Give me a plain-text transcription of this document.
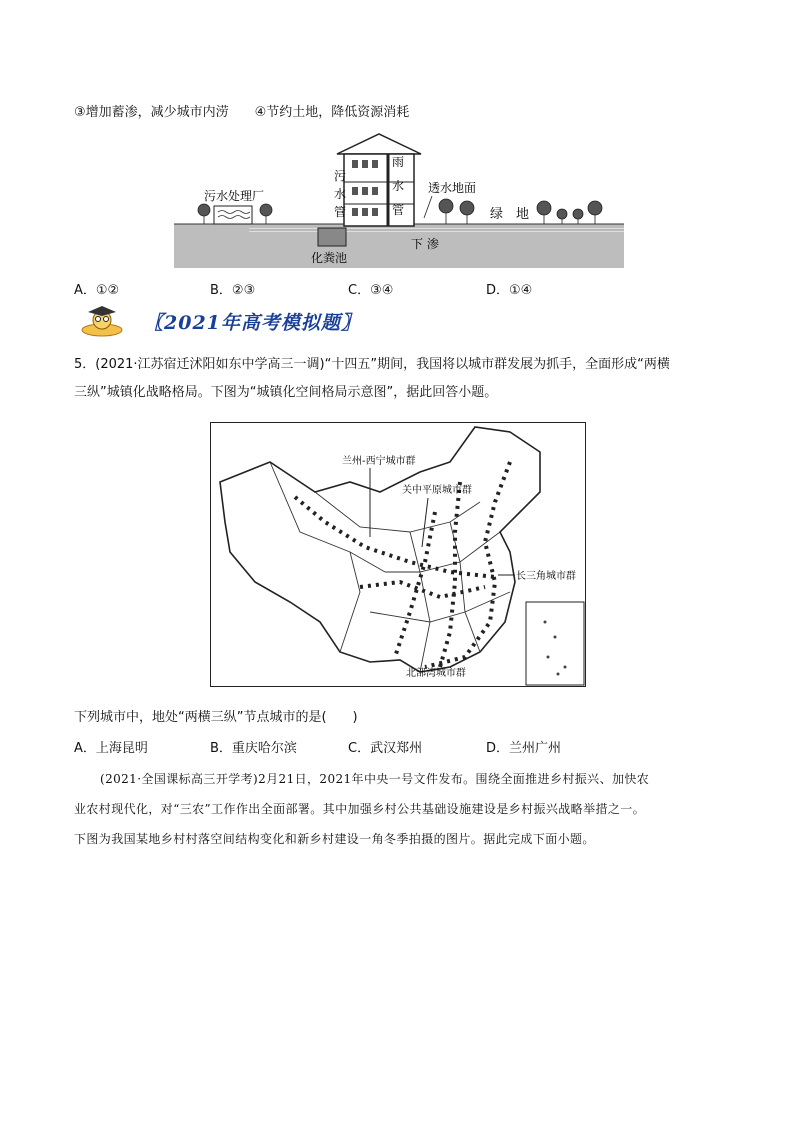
③增加蓄渗，减少城市内涝　　④节约土地，降低资源消耗
污水处理厂
污水管
雨水管
透水地面
绿　地
化粪池
下 渗
A．①②	B．②③	C．③④	D．①④
〖2021年高考模拟题〗
5．(2021·江苏宿迁沭阳如东中学高三一调)“十四五”期间，我国将以城市群发展为抓手，全面形成“两横
三纵”城镇化战略格局。下图为“城镇化空间格局示意图”，据此回答小题。
兰州-西宁城市群
关中平原城市群
长三角城市群
北部湾城市群
下列城市中，地处“两横三纵”节点城市的是(　　)
A．上海昆明	B．重庆哈尔滨	C．武汉郑州	D．兰州广州
(2021·全国课标高三开学考)2月21日，2021年中央一号文件发布。围绕全面推进乡村振兴、加快农
业农村现代化，对“三农”工作作出全面部署。其中加强乡村公共基础设施建设是乡村振兴战略举措之一。
下图为我国某地乡村村落空间结构变化和新乡村建设一角冬季拍摄的图片。据此完成下面小题。
